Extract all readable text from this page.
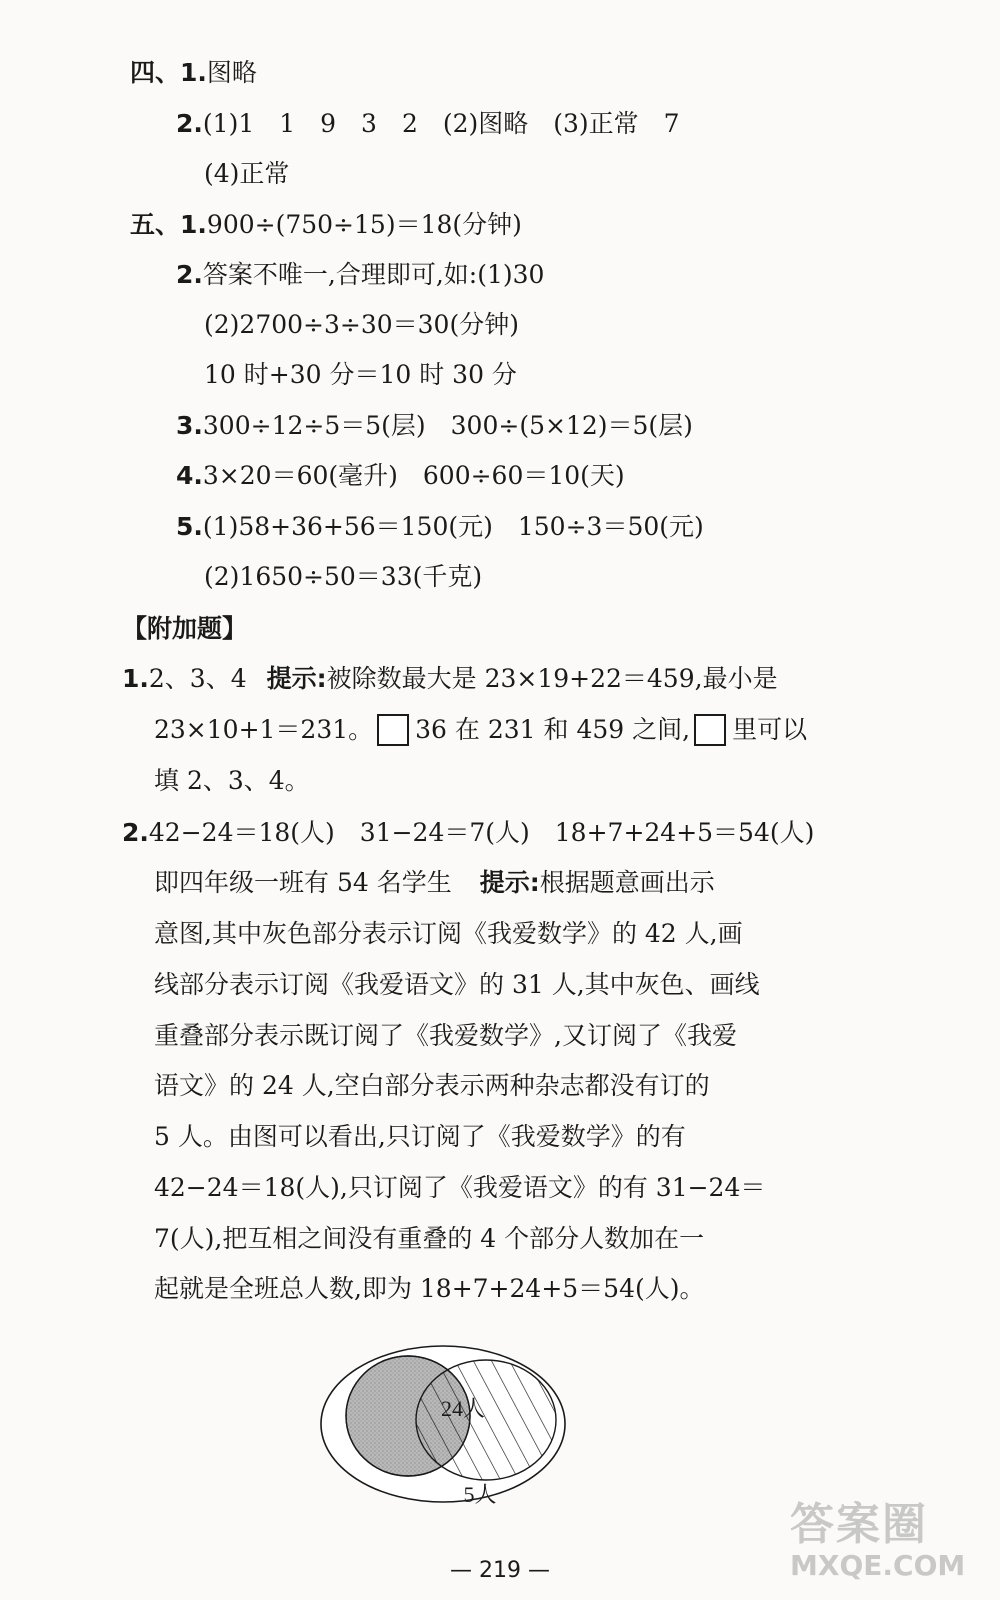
四、1.图略
2.(1)1　1　9　3　2　(2)图略　(3)正常　7
(4)正常
五、1.900÷(750÷15)＝18(分钟)
2.答案不唯一,合理即可,如:(1)30
(2)2700÷3÷30＝30(分钟)
10 时+30 分＝10 时 30 分
3.300÷12÷5＝5(层)　300÷(5×12)＝5(层)
4.3×20＝60(毫升)　600÷60＝10(天)
5.(1)58+36+56＝150(元)　150÷3＝50(元)
(2)1650÷50＝33(千克)
【附加题】
1.2、3、4 提示:被除数最大是 23×19+22＝459,最小是
23×10+1＝231。 36 在 231 和 459 之间, 里可以
填 2、3、4。
2.42−24＝18(人)　31−24＝7(人)　18+7+24+5＝54(人)
即四年级一班有 54 名学生 提示:根据题意画出示
意图,其中灰色部分表示订阅《我爱数学》的 42 人,画
线部分表示订阅《我爱语文》的 31 人,其中灰色、画线
重叠部分表示既订阅了《我爱数学》,又订阅了《我爱
语文》的 24 人,空白部分表示两种杂志都没有订的
5 人。由图可以看出,只订阅了《我爱数学》的有
42−24＝18(人),只订阅了《我爱语文》的有 31−24＝
7(人),把互相之间没有重叠的 4 个部分人数加在一
起就是全班总人数,即为 18+7+24+5＝54(人)。
24人
5人
— 219 —
答案圈
MXQE.COM
